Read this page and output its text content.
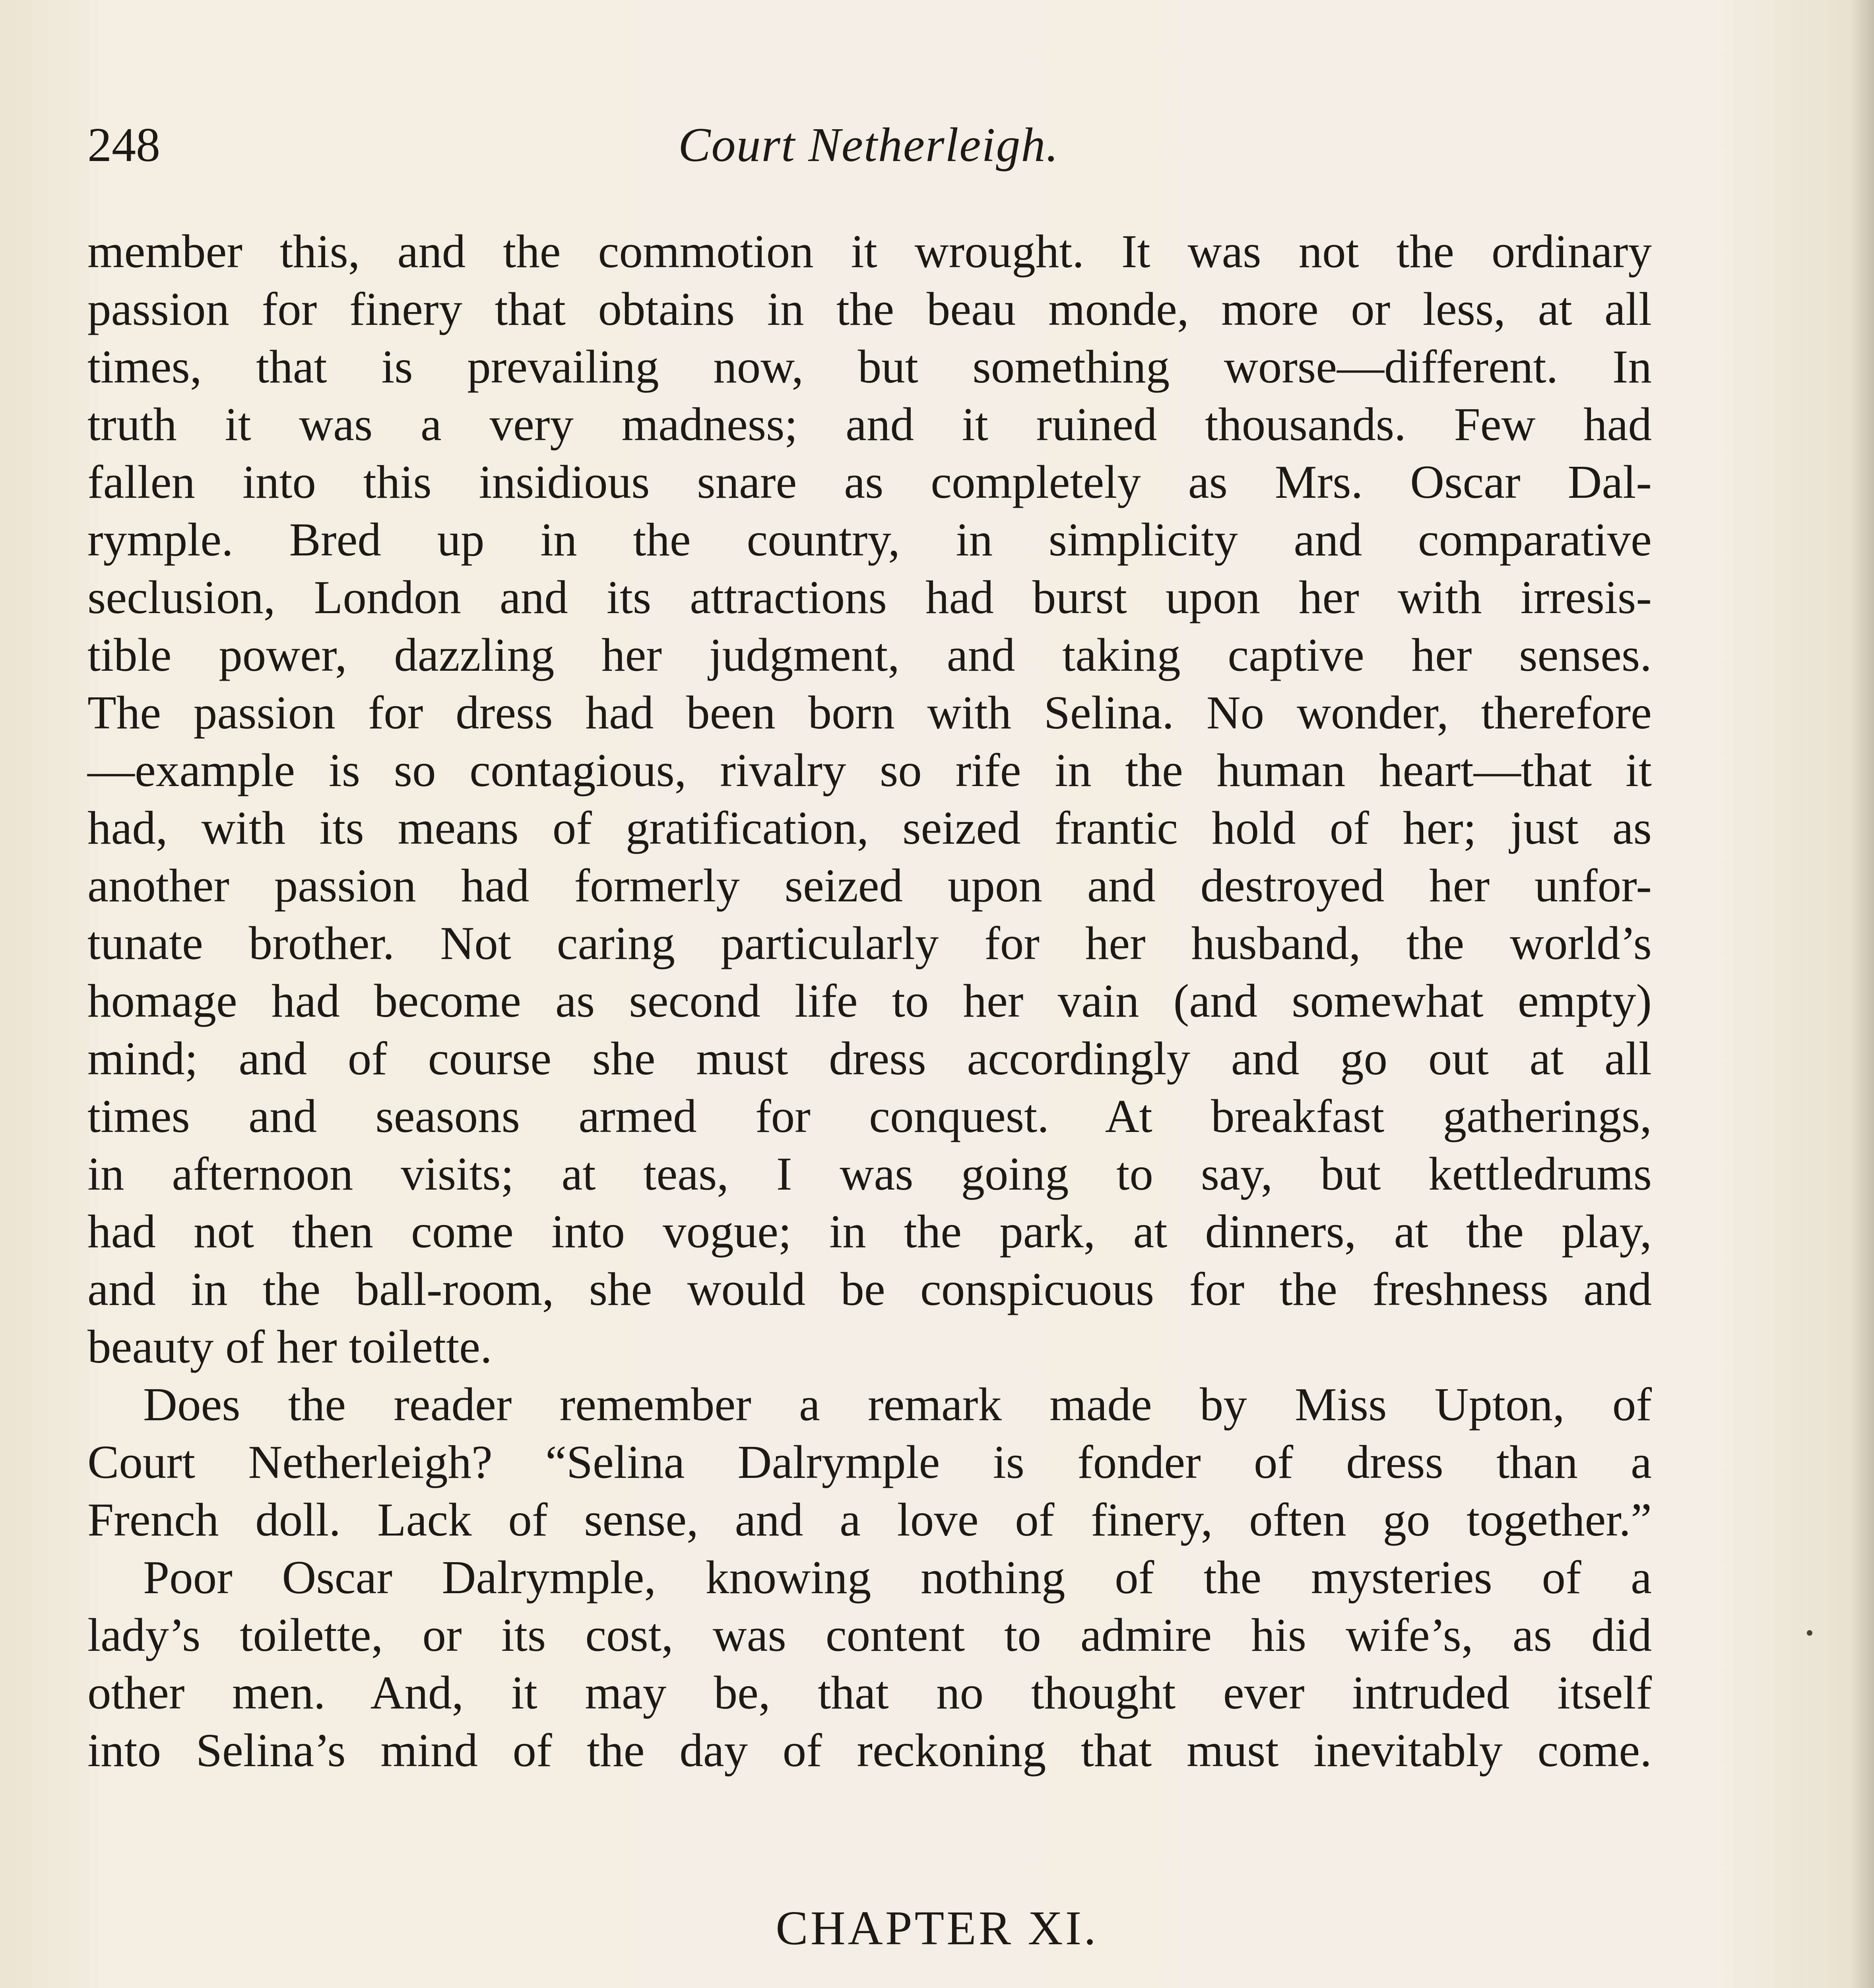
248	Court Netherleigh.
member this, and the commotion it wrought. It was not the ordinary
passion for finery that obtains in the beau monde, more or less, at all
times, that is prevailing now, but something worse—different. In
truth it was a very madness; and it ruined thousands. Few had
fallen into this insidious snare as completely as Mrs. Oscar Dal-
rymple. Bred up in the country, in simplicity and comparative
seclusion, London and its attractions had burst upon her with irresis-
tible power, dazzling her judgment, and taking captive her senses.
The passion for dress had been born with Selina. No wonder, therefore
—example is so contagious, rivalry so rife in the human heart—that it
had, with its means of gratification, seized frantic hold of her; just as
another passion had formerly seized upon and destroyed her unfor-
tunate brother. Not caring particularly for her husband, the world’s
homage had become as second life to her vain (and somewhat empty)
mind; and of course she must dress accordingly and go out at all
times and seasons armed for conquest. At breakfast gatherings,
in afternoon visits; at teas, I was going to say, but kettledrums
had not then come into vogue; in the park, at dinners, at the play,
and in the ball-room, she would be conspicuous for the freshness and
beauty of her toilette.
Does the reader remember a remark made by Miss Upton, of
Court Netherleigh? “Selina Dalrymple is fonder of dress than a
French doll. Lack of sense, and a love of finery, often go together.”
Poor Oscar Dalrymple, knowing nothing of the mysteries of a
lady’s toilette, or its cost, was content to admire his wife’s, as did
other men. And, it may be, that no thought ever intruded itself
into Selina’s mind of the day of reckoning that must inevitably come.
CHAPTER XI.
